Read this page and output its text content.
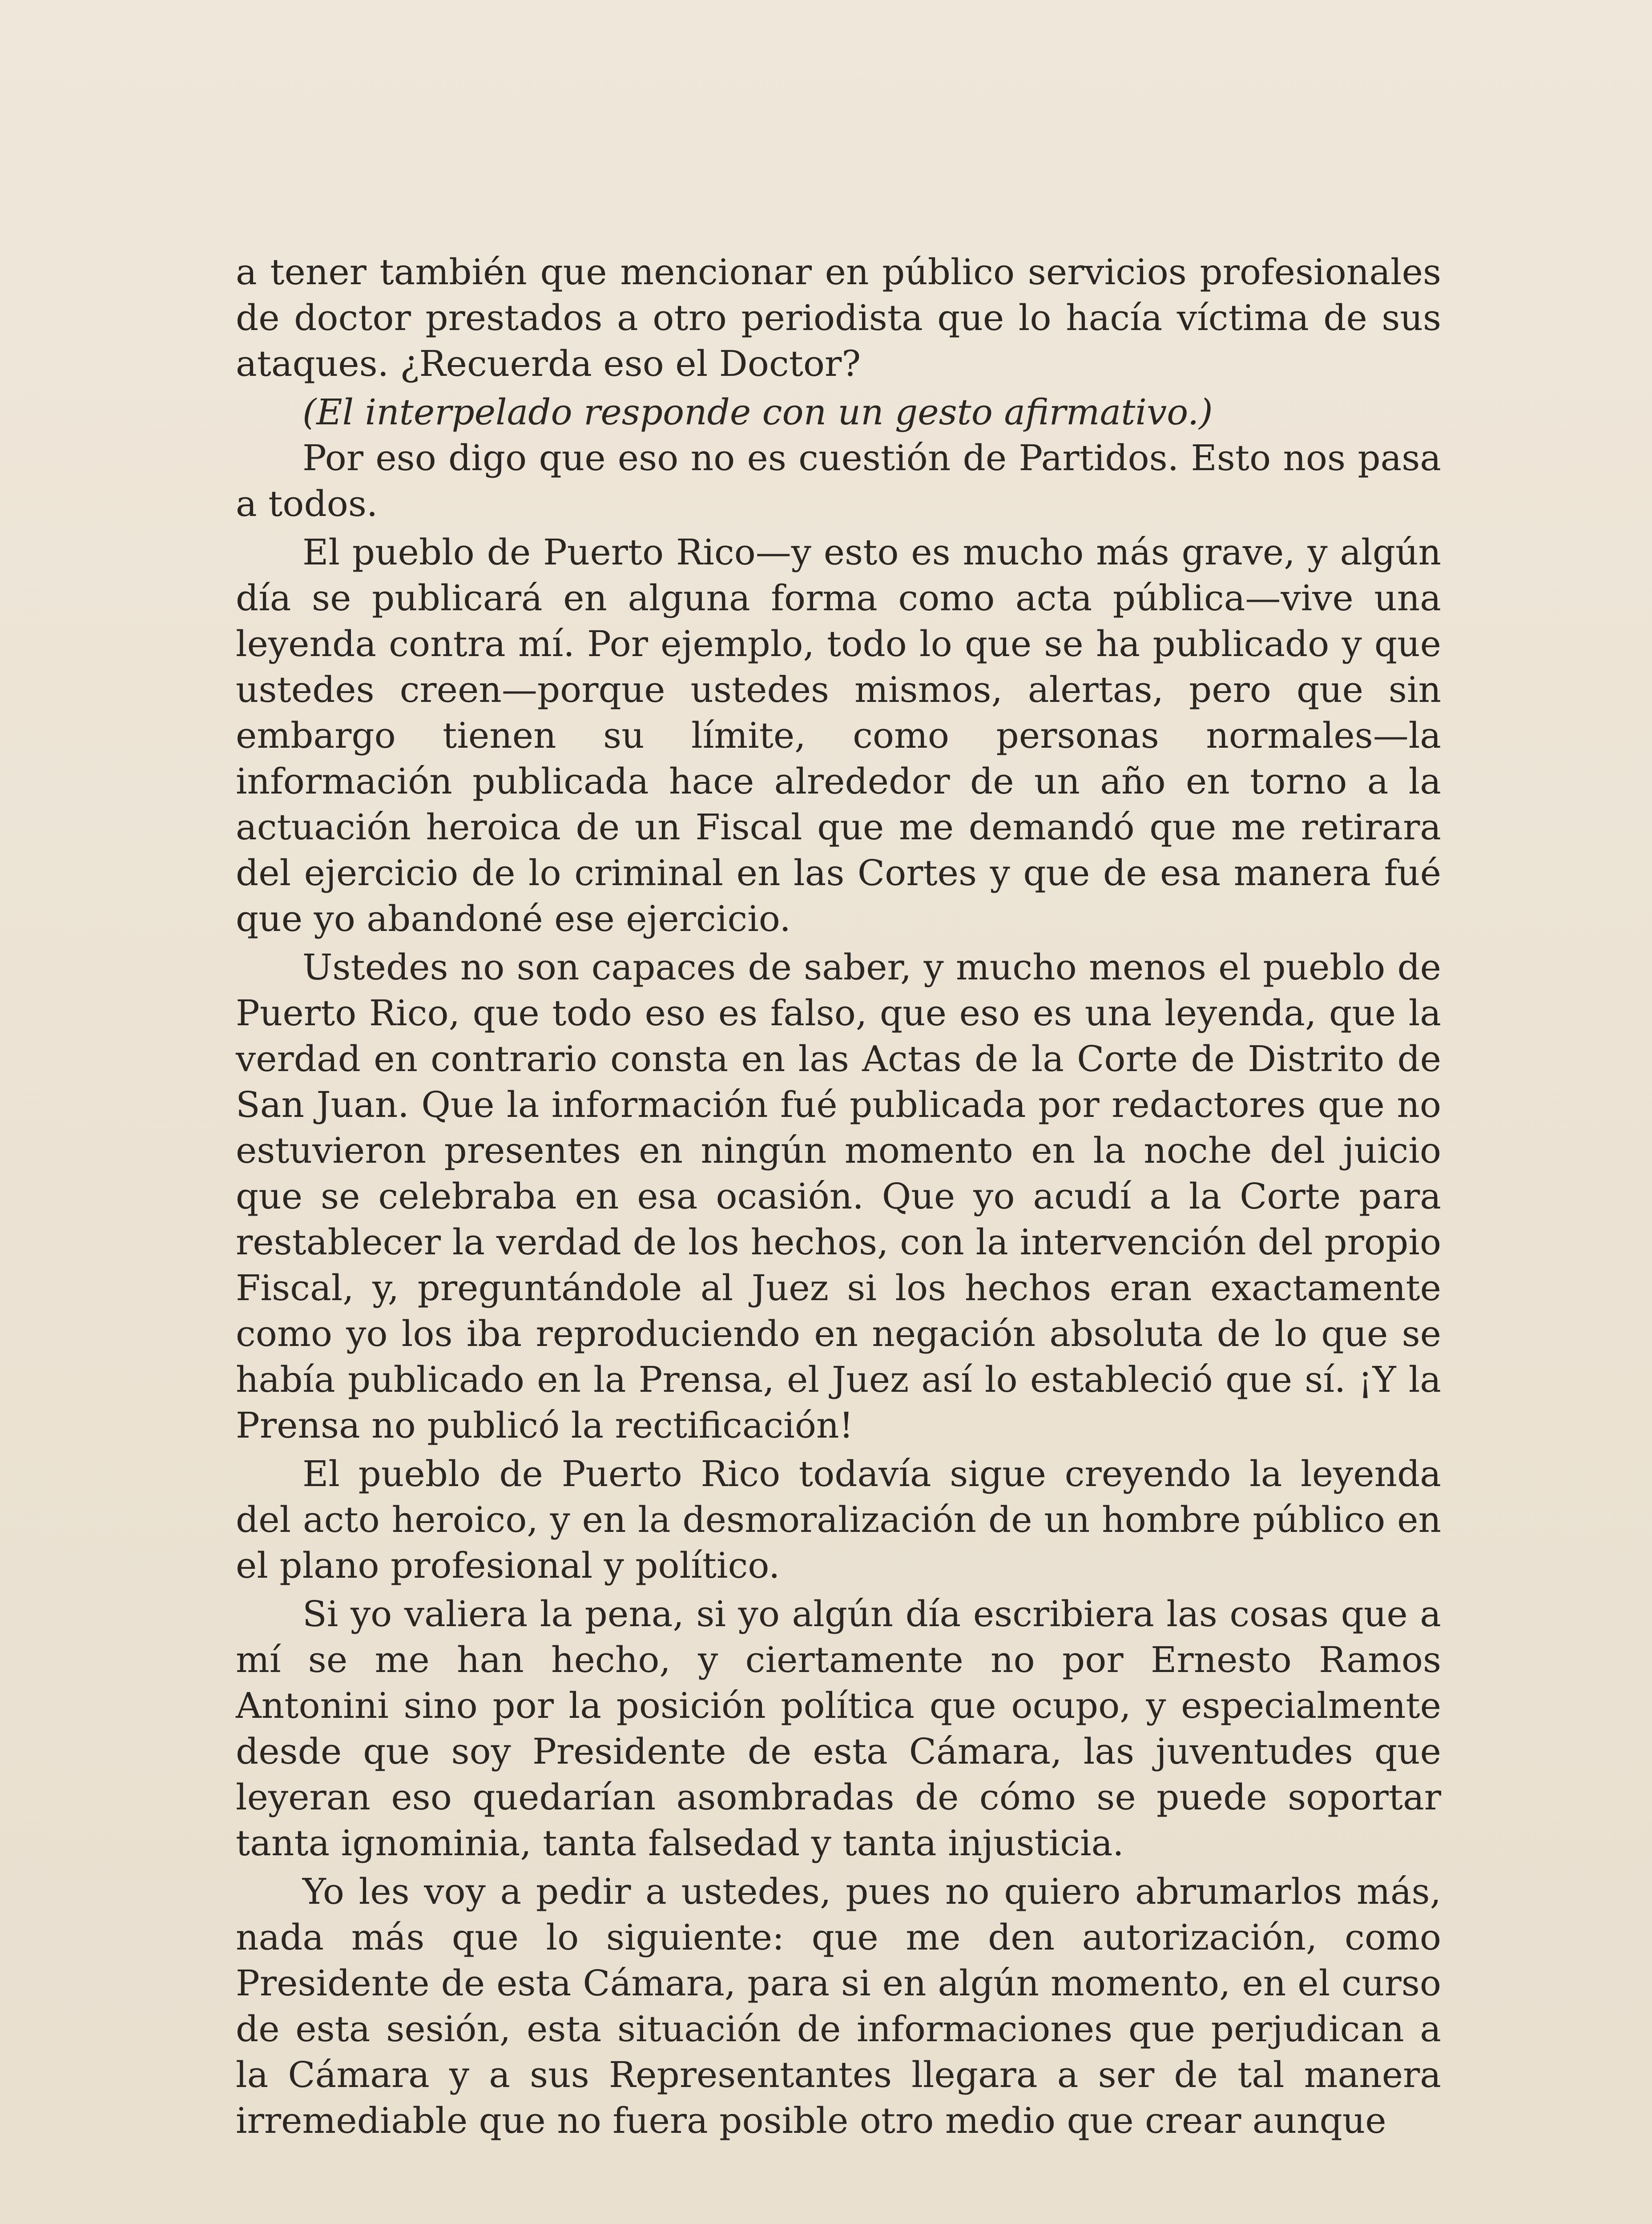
a tener también que mencionar en público servicios profesionales de doctor prestados a otro periodista que lo hacía víctima de sus ataques. ¿Recuerda eso el Doctor?

(El interpelado responde con un gesto afirmativo.)

Por eso digo que eso no es cuestión de Partidos. Esto nos pasa a todos.

El pueblo de Puerto Rico—y esto es mucho más grave, y algún día se publicará en alguna forma como acta pública—vive una leyenda contra mí. Por ejemplo, todo lo que se ha publicado y que ustedes creen—porque ustedes mismos, alertas, pero que sin embargo tienen su límite, como personas normales—la información publicada hace alrededor de un año en torno a la actuación heroica de un Fiscal que me demandó que me retirara del ejercicio de lo criminal en las Cortes y que de esa manera fué que yo abandoné ese ejercicio.

Ustedes no son capaces de saber, y mucho menos el pueblo de Puerto Rico, que todo eso es falso, que eso es una leyenda, que la verdad en contrario consta en las Actas de la Corte de Distrito de San Juan. Que la información fué publicada por redactores que no estuvieron presentes en ningún momento en la noche del juicio que se celebraba en esa ocasión. Que yo acudí a la Corte para restablecer la verdad de los hechos, con la intervención del propio Fiscal, y, preguntándole al Juez si los hechos eran exactamente como yo los iba reproduciendo en negación absoluta de lo que se había publicado en la Prensa, el Juez así lo estableció que sí. ¡Y la Prensa no publicó la rectificación!

El pueblo de Puerto Rico todavía sigue creyendo la leyenda del acto heroico, y en la desmoralización de un hombre público en el plano profesional y político.

Si yo valiera la pena, si yo algún día escribiera las cosas que a mí se me han hecho, y ciertamente no por Ernesto Ramos Antonini sino por la posición política que ocupo, y especialmente desde que soy Presidente de esta Cámara, las juventudes que leyeran eso quedarían asombradas de cómo se puede soportar tanta ignominia, tanta falsedad y tanta injusticia.

Yo les voy a pedir a ustedes, pues no quiero abrumarlos más, nada más que lo siguiente: que me den autorización, como Presidente de esta Cámara, para si en algún momento, en el curso de esta sesión, esta situación de informaciones que perjudican a la Cámara y a sus Representantes llegara a ser de tal manera irremediable que no fuera posible otro medio que crear aunque
